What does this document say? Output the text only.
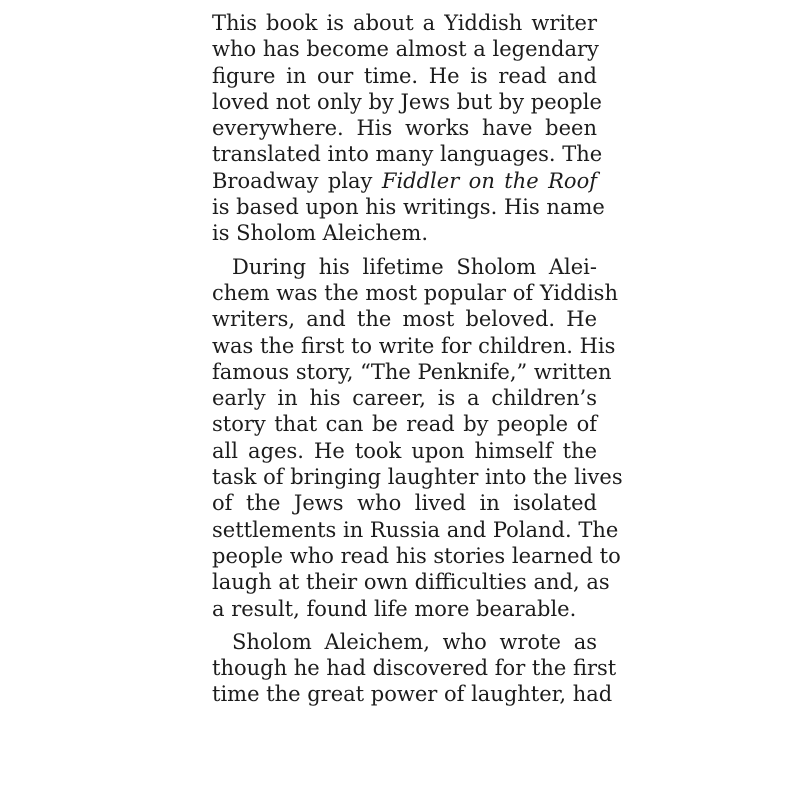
This book is about a Yiddish writer
who has become almost a legendary
figure in our time. He is read and
loved not only by Jews but by people
everywhere. His works have been
translated into many languages. The
Broadway play Fiddler on the Roof
is based upon his writings. His name
is Sholom Aleichem.
During his lifetime Sholom Alei-
chem was the most popular of Yiddish
writers, and the most beloved. He
was the first to write for children. His
famous story, “The Penknife,” written
early in his career, is a children’s
story that can be read by people of
all ages. He took upon himself the
task of bringing laughter into the lives
of the Jews who lived in isolated
settlements in Russia and Poland. The
people who read his stories learned to
laugh at their own difficulties and, as
a result, found life more bearable.
Sholom Aleichem, who wrote as
though he had discovered for the first
time the great power of laughter, had
